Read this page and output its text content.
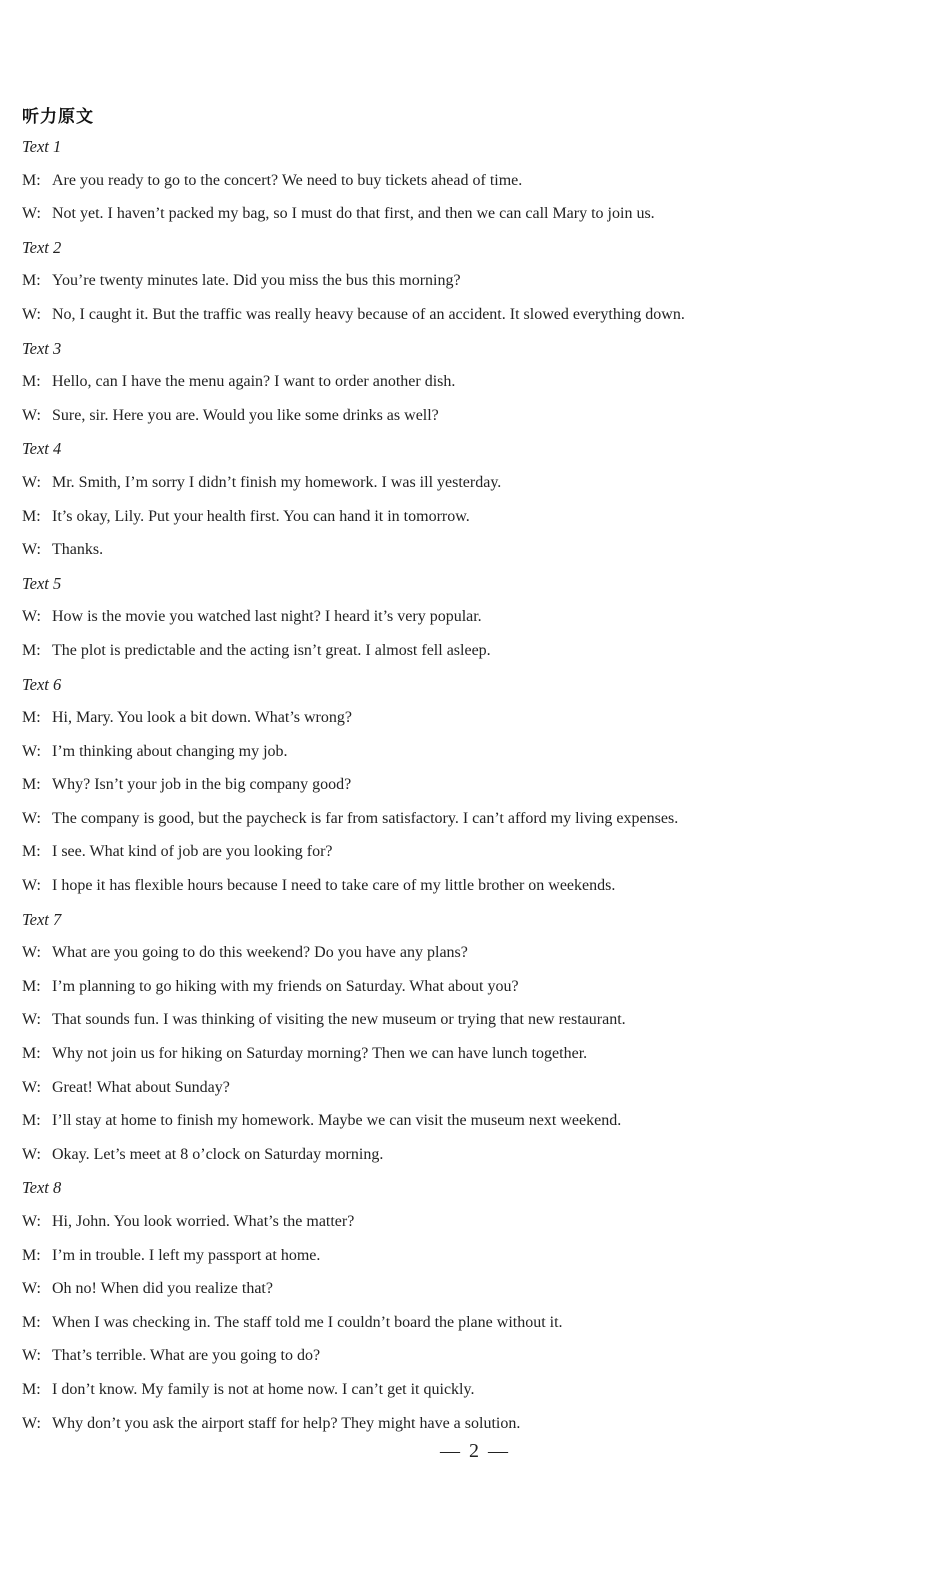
听力原文
Text 1
M: Are you ready to go to the concert? We need to buy tickets ahead of time.
W: Not yet. I haven’t packed my bag, so I must do that first, and then we can call Mary to join us.
Text 2
M: You’re twenty minutes late. Did you miss the bus this morning?
W: No, I caught it. But the traffic was really heavy because of an accident. It slowed everything down.
Text 3
M: Hello, can I have the menu again? I want to order another dish.
W: Sure, sir. Here you are. Would you like some drinks as well?
Text 4
W: Mr. Smith, I’m sorry I didn’t finish my homework. I was ill yesterday.
M: It’s okay, Lily. Put your health first. You can hand it in tomorrow.
W: Thanks.
Text 5
W: How is the movie you watched last night? I heard it’s very popular.
M: The plot is predictable and the acting isn’t great. I almost fell asleep.
Text 6
M: Hi, Mary. You look a bit down. What’s wrong?
W: I’m thinking about changing my job.
M: Why? Isn’t your job in the big company good?
W: The company is good, but the paycheck is far from satisfactory. I can’t afford my living expenses.
M: I see. What kind of job are you looking for?
W: I hope it has flexible hours because I need to take care of my little brother on weekends.
Text 7
W: What are you going to do this weekend? Do you have any plans?
M: I’m planning to go hiking with my friends on Saturday. What about you?
W: That sounds fun. I was thinking of visiting the new museum or trying that new restaurant.
M: Why not join us for hiking on Saturday morning? Then we can have lunch together.
W: Great! What about Sunday?
M: I’ll stay at home to finish my homework. Maybe we can visit the museum next weekend.
W: Okay. Let’s meet at 8 o’clock on Saturday morning.
Text 8
W: Hi, John. You look worried. What’s the matter?
M: I’m in trouble. I left my passport at home.
W: Oh no! When did you realize that?
M: When I was checking in. The staff told me I couldn’t board the plane without it.
W: That’s terrible. What are you going to do?
M: I don’t know. My family is not at home now. I can’t get it quickly.
W: Why don’t you ask the airport staff for help? They might have a solution.
— 2 —
